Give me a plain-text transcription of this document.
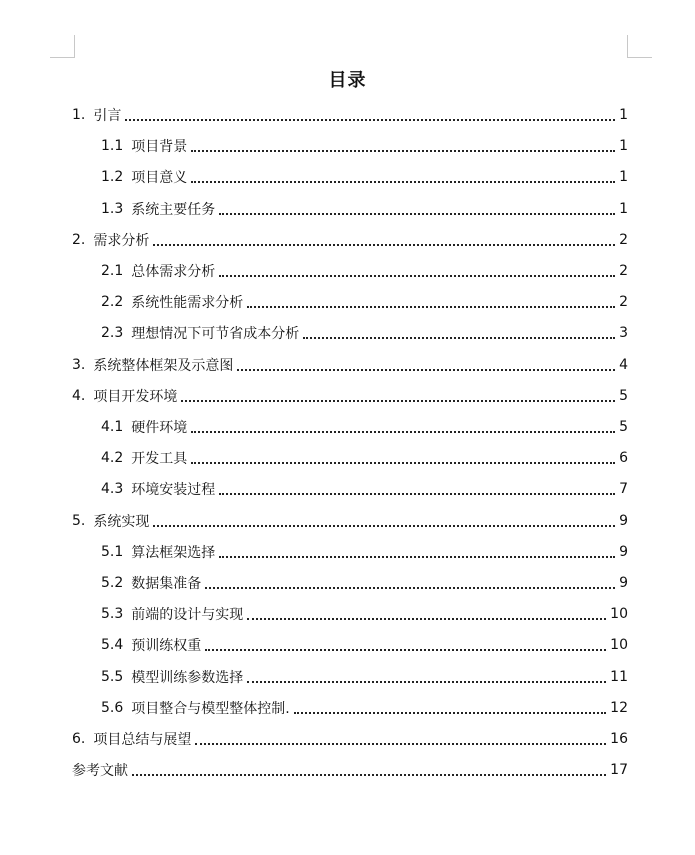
目录
1. 引言	1
1.1 项目背景	1
1.2 项目意义	1
1.3 系统主要任务	1
2. 需求分析	2
2.1 总体需求分析	2
2.2 系统性能需求分析	2
2.3 理想情况下可节省成本分析	3
3. 系统整体框架及示意图	4
4. 项目开发环境	5
4.1 硬件环境	5
4.2 开发工具	6
4.3 环境安装过程	7
5. 系统实现	9
5.1 算法框架选择	9
5.2 数据集准备	9
5.3 前端的设计与实现	10
5.4 预训练权重	10
5.5 模型训练参数选择	11
5.6 项目整合与模型整体控制.	12
6. 项目总结与展望	16
参考文献	17
